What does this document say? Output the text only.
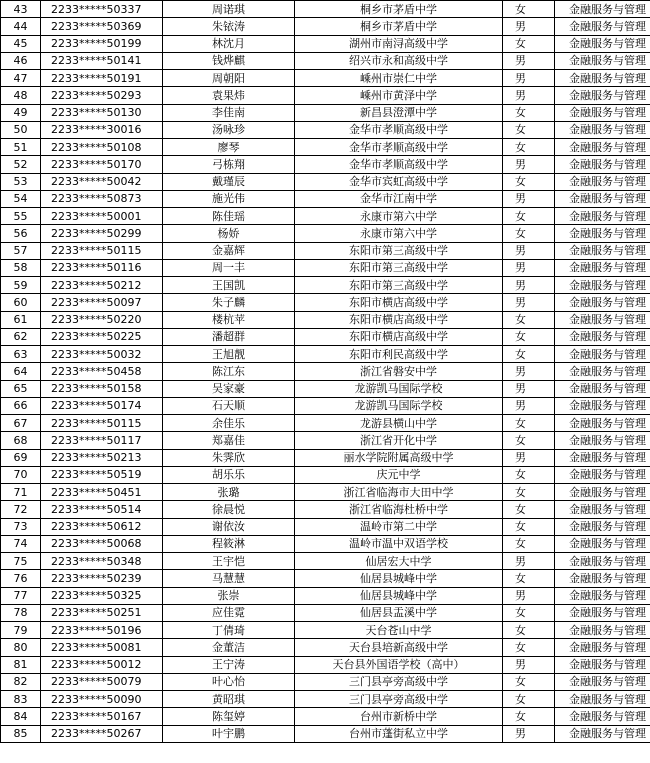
43	2233*****50337	周诺琪	桐乡市茅盾中学	女	金融服务与管理
44	2233*****50369	朱铱涛	桐乡市茅盾中学	男	金融服务与管理
45	2233*****50199	林沈月	湖州市南浔高级中学	女	金融服务与管理
46	2233*****50141	钱烨麒	绍兴市永和高级中学	男	金融服务与管理
47	2233*****50191	周朝阳	嵊州市崇仁中学	男	金融服务与管理
48	2233*****50293	袁果炜	嵊州市黄泽中学	男	金融服务与管理
49	2233*****50130	李佳南	新昌县澄潭中学	女	金融服务与管理
50	2233*****30016	汤咏珍	金华市孝顺高级中学	女	金融服务与管理
51	2233*****50108	廖琴	金华市孝顺高级中学	女	金融服务与管理
52	2233*****50170	弓栋翔	金华市孝顺高级中学	男	金融服务与管理
53	2233*****50042	戴瑾辰	金华市宾虹高级中学	女	金融服务与管理
54	2233*****50873	施光伟	金华市江南中学	男	金融服务与管理
55	2233*****50001	陈佳瑶	永康市第六中学	女	金融服务与管理
56	2233*****50299	杨娇	永康市第六中学	女	金融服务与管理
57	2233*****50115	金嘉辉	东阳市第三高级中学	男	金融服务与管理
58	2233*****50116	周一丰	东阳市第三高级中学	男	金融服务与管理
59	2233*****50212	王国凯	东阳市第三高级中学	男	金融服务与管理
60	2233*****50097	朱子麟	东阳市横店高级中学	男	金融服务与管理
61	2233*****50220	楼杭苹	东阳市横店高级中学	女	金融服务与管理
62	2233*****50225	潘超群	东阳市横店高级中学	女	金融服务与管理
63	2233*****50032	王旭靓	东阳市利民高级中学	女	金融服务与管理
64	2233*****50458	陈江东	浙江省磐安中学	男	金融服务与管理
65	2233*****50158	吴家豪	龙游凯马国际学校	男	金融服务与管理
66	2233*****50174	石天顺	龙游凯马国际学校	男	金融服务与管理
67	2233*****50115	余佳乐	龙游县横山中学	女	金融服务与管理
68	2233*****50117	郑嘉佳	浙江省开化中学	女	金融服务与管理
69	2233*****50213	朱霁欣	丽水学院附属高级中学	男	金融服务与管理
70	2233*****50519	胡乐乐	庆元中学	女	金融服务与管理
71	2233*****50451	张璐	浙江省临海市大田中学	女	金融服务与管理
72	2233*****50514	徐晨悦	浙江省临海杜桥中学	女	金融服务与管理
73	2233*****50612	谢依汝	温岭市第二中学	女	金融服务与管理
74	2233*****50068	程筱淋	温岭市温中双语学校	女	金融服务与管理
75	2233*****50348	王宇恺	仙居宏大中学	男	金融服务与管理
76	2233*****50239	马慧慧	仙居县城峰中学	女	金融服务与管理
77	2233*****50325	张崇	仙居县城峰中学	男	金融服务与管理
78	2233*****50251	应佳霓	仙居县盂溪中学	女	金融服务与管理
79	2233*****50196	丁倩琦	天台苍山中学	女	金融服务与管理
80	2233*****50081	金董洁	天台县培新高级中学	女	金融服务与管理
81	2233*****50012	王宁涛	天台县外国语学校（高中）	男	金融服务与管理
82	2233*****50079	叶心怡	三门县亭旁高级中学	女	金融服务与管理
83	2233*****50090	黄昭琪	三门县亭旁高级中学	女	金融服务与管理
84	2233*****50167	陈玺婷	台州市新桥中学	女	金融服务与管理
85	2233*****50267	叶宇鹏	台州市蓬街私立中学	男	金融服务与管理
